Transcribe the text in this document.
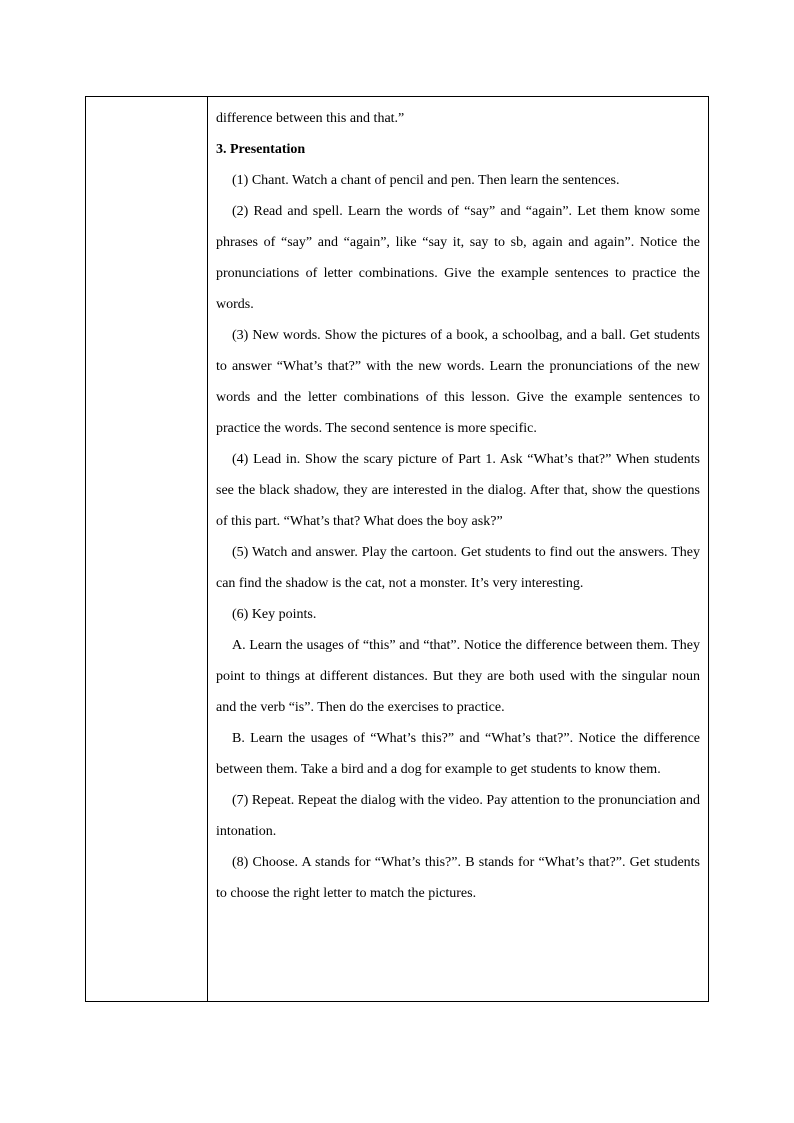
difference between this and that.”

3. Presentation

(1) Chant. Watch a chant of pencil and pen. Then learn the sentences.

(2) Read and spell. Learn the words of “say” and “again”. Let them know some phrases of “say” and “again”, like “say it, say to sb, again and again”. Notice the pronunciations of letter combinations. Give the example sentences to practice the words.

(3) New words. Show the pictures of a book, a schoolbag, and a ball. Get students to answer “What’s that?” with the new words. Learn the pronunciations of the new words and the letter combinations of this lesson. Give the example sentences to practice the words. The second sentence is more specific.

(4) Lead in. Show the scary picture of Part 1. Ask “What’s that?” When students see the black shadow, they are interested in the dialog. After that, show the questions of this part. “What’s that? What does the boy ask?”

(5) Watch and answer. Play the cartoon. Get students to find out the answers. They can find the shadow is the cat, not a monster. It’s very interesting.

(6) Key points.

A. Learn the usages of “this” and “that”. Notice the difference between them. They point to things at different distances. But they are both used with the singular noun and the verb “is”. Then do the exercises to practice.

B. Learn the usages of “What’s this?” and “What’s that?”. Notice the difference between them. Take a bird and a dog for example to get students to know them.

(7) Repeat. Repeat the dialog with the video. Pay attention to the pronunciation and intonation.

(8) Choose. A stands for “What’s this?”. B stands for “What’s that?”. Get students to choose the right letter to match the pictures.
